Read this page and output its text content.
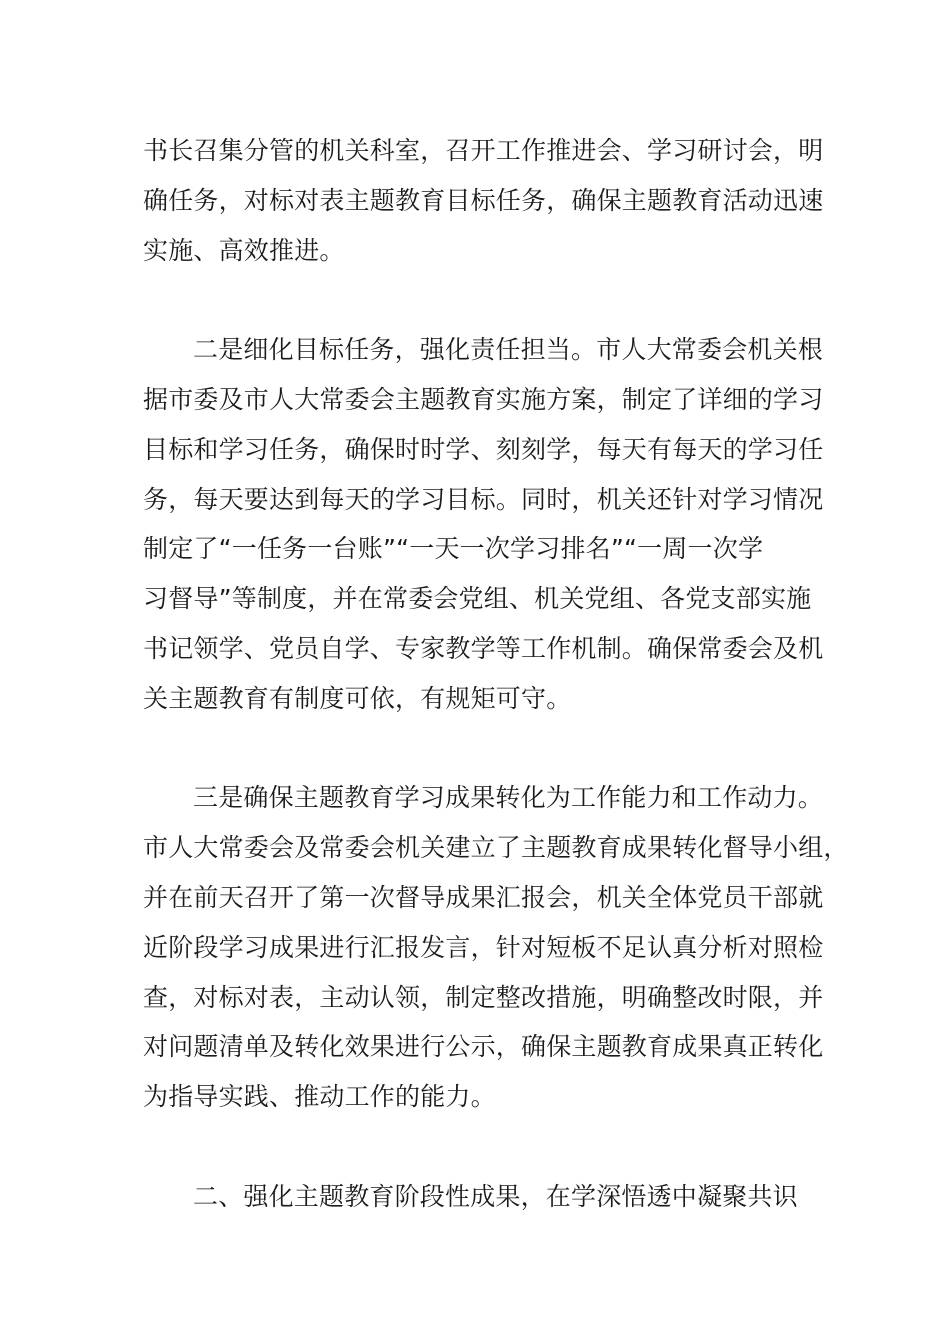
书长召集分管的机关科室，召开工作推进会、学习研讨会，明
确任务，对标对表主题教育目标任务，确保主题教育活动迅速
实施、高效推进。
二是细化目标任务，强化责任担当。市人大常委会机关根
据市委及市人大常委会主题教育实施方案，制定了详细的学习
目标和学习任务，确保时时学、刻刻学，每天有每天的学习任
务，每天要达到每天的学习目标。同时，机关还针对学习情况
制定了“一任务一台账”“一天一次学习排名”“一周一次学
习督导”等制度，并在常委会党组、机关党组、各党支部实施
书记领学、党员自学、专家教学等工作机制。确保常委会及机
关主题教育有制度可依，有规矩可守。
三是确保主题教育学习成果转化为工作能力和工作动力。
市人大常委会及常委会机关建立了主题教育成果转化督导小组，
并在前天召开了第一次督导成果汇报会，机关全体党员干部就
近阶段学习成果进行汇报发言，针对短板不足认真分析对照检
查，对标对表，主动认领，制定整改措施，明确整改时限，并
对问题清单及转化效果进行公示，确保主题教育成果真正转化
为指导实践、推动工作的能力。
二、强化主题教育阶段性成果，在学深悟透中凝聚共识
